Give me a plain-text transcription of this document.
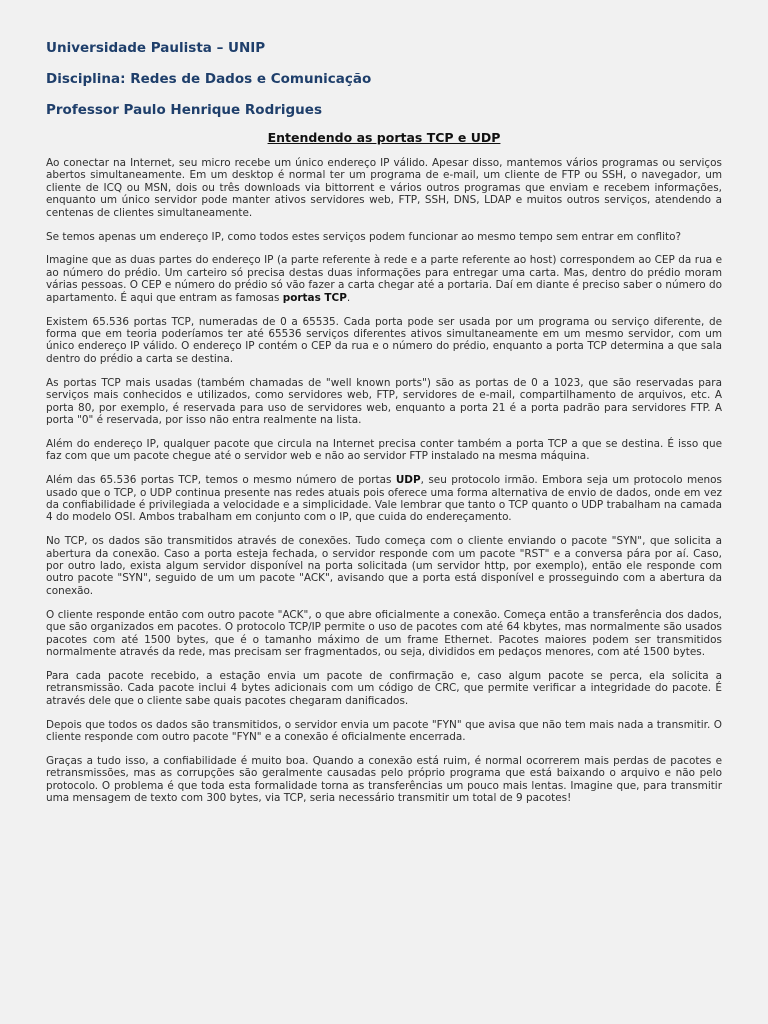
Universidade Paulista – UNIP
Disciplina: Redes de Dados e Comunicação
Professor Paulo Henrique Rodrigues
Entendendo as portas TCP e UDP

Ao conectar na Internet, seu micro recebe um único endereço IP válido. Apesar disso, mantemos vários programas ou serviços abertos simultaneamente. Em um desktop é normal ter um programa de e-mail, um cliente de FTP ou SSH, o navegador, um cliente de ICQ ou MSN, dois ou três downloads via bittorrent e vários outros programas que enviam e recebem informações, enquanto um único servidor pode manter ativos servidores web, FTP, SSH, DNS, LDAP e muitos outros serviços, atendendo a centenas de clientes simultaneamente.

Se temos apenas um endereço IP, como todos estes serviços podem funcionar ao mesmo tempo sem entrar em conflito?

Imagine que as duas partes do endereço IP (a parte referente à rede e a parte referente ao host) correspondem ao CEP da rua e ao número do prédio. Um carteiro só precisa destas duas informações para entregar uma carta. Mas, dentro do prédio moram várias pessoas. O CEP e número do prédio só vão fazer a carta chegar até a portaria. Daí em diante é preciso saber o número do apartamento. É aqui que entram as famosas portas TCP.

Existem 65.536 portas TCP, numeradas de 0 a 65535. Cada porta pode ser usada por um programa ou serviço diferente, de forma que em teoria poderíamos ter até 65536 serviços diferentes ativos simultaneamente em um mesmo servidor, com um único endereço IP válido. O endereço IP contém o CEP da rua e o número do prédio, enquanto a porta TCP determina a que sala dentro do prédio a carta se destina.

As portas TCP mais usadas (também chamadas de "well known ports") são as portas de 0 a 1023, que são reservadas para serviços mais conhecidos e utilizados, como servidores web, FTP, servidores de e-mail, compartilhamento de arquivos, etc. A porta 80, por exemplo, é reservada para uso de servidores web, enquanto a porta 21 é a porta padrão para servidores FTP. A porta "0" é reservada, por isso não entra realmente na lista.

Além do endereço IP, qualquer pacote que circula na Internet precisa conter também a porta TCP a que se destina. É isso que faz com que um pacote chegue até o servidor web e não ao servidor FTP instalado na mesma máquina.

Além das 65.536 portas TCP, temos o mesmo número de portas UDP, seu protocolo irmão. Embora seja um protocolo menos usado que o TCP, o UDP continua presente nas redes atuais pois oferece uma forma alternativa de envio de dados, onde em vez da confiabilidade é privilegiada a velocidade e a simplicidade. Vale lembrar que tanto o TCP quanto o UDP trabalham na camada 4 do modelo OSI. Ambos trabalham em conjunto com o IP, que cuida do endereçamento.

No TCP, os dados são transmitidos através de conexões. Tudo começa com o cliente enviando o pacote "SYN", que solicita a abertura da conexão. Caso a porta esteja fechada, o servidor responde com um pacote "RST" e a conversa pára por aí. Caso, por outro lado, exista algum servidor disponível na porta solicitada (um servidor http, por exemplo), então ele responde com outro pacote "SYN", seguido de um um pacote "ACK", avisando que a porta está disponível e prosseguindo com a abertura da conexão.

O cliente responde então com outro pacote "ACK", o que abre oficialmente a conexão. Começa então a transferência dos dados, que são organizados em pacotes. O protocolo TCP/IP permite o uso de pacotes com até 64 kbytes, mas normalmente são usados pacotes com até 1500 bytes, que é o tamanho máximo de um frame Ethernet. Pacotes maiores podem ser transmitidos normalmente através da rede, mas precisam ser fragmentados, ou seja, divididos em pedaços menores, com até 1500 bytes.

Para cada pacote recebido, a estação envia um pacote de confirmação e, caso algum pacote se perca, ela solicita a retransmissão. Cada pacote inclui 4 bytes adicionais com um código de CRC, que permite verificar a integridade do pacote. É através dele que o cliente sabe quais pacotes chegaram danificados.

Depois que todos os dados são transmitidos, o servidor envia um pacote "FYN" que avisa que não tem mais nada a transmitir. O cliente responde com outro pacote "FYN" e a conexão é oficialmente encerrada.

Graças a tudo isso, a confiabilidade é muito boa. Quando a conexão está ruim, é normal ocorrerem mais perdas de pacotes e retransmissões, mas as corrupções são geralmente causadas pelo próprio programa que está baixando o arquivo e não pelo protocolo. O problema é que toda esta formalidade torna as transferências um pouco mais lentas. Imagine que, para transmitir uma mensagem de texto com 300 bytes, via TCP, seria necessário transmitir um total de 9 pacotes!
